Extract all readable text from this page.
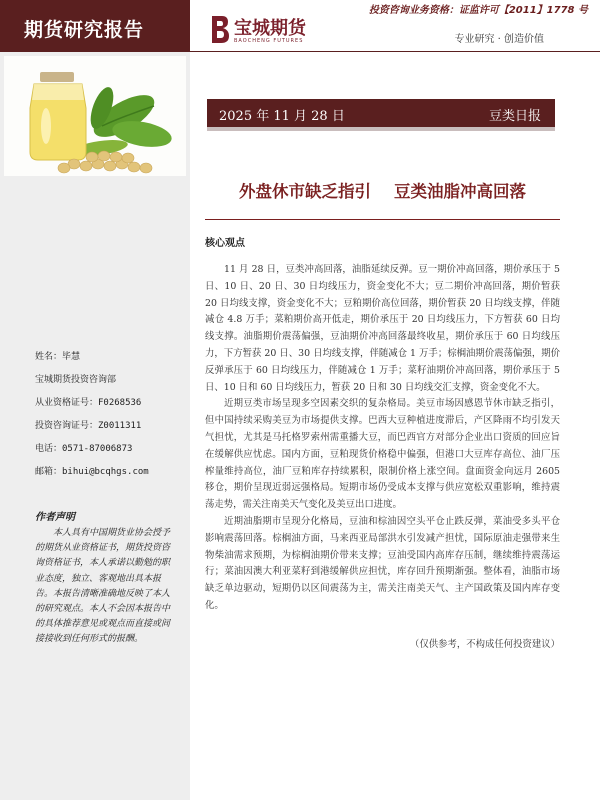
期货研究报告
投资咨询业务资格：证监许可【2011】1778 号
宝城期货
BAOCHENG FUTURES	专业研究 · 创造价值
姓名：毕慧
宝城期货投资咨询部
从业资格证号：F0268536
投资咨询证号：Z0011311
电话：0571-87006873
邮箱：bihui@bcqhgs.com
作者声明
本人具有中国期货业协会授予的期货从业资格证书，期货投资咨询资格证书，本人承诺以勤勉的职业态度，独立、客观地出具本报告。本报告清晰准确地反映了本人的研究观点。本人不会因本报告中的具体推荐意见或观点而直接或间接接收到任何形式的报酬。
2025 年 11 月 28 日	豆类日报
外盘休市缺乏指引    豆类油脂冲高回落
核心观点

11 月 28 日，豆类冲高回落，油脂延续反弹。豆一期价冲高回落，期价承压于 5 日、10 日、20 日、30 日均线压力，资金变化不大；豆二期价冲高回落，期价暂获 20 日均线支撑，资金变化不大；豆粕期价高位回落，期价暂获 20 日均线支撑，伴随减仓 4.8 万手；菜粕期价高开低走，期价承压于 20 日均线压力，下方暂获 60 日均线支撑。油脂期价震荡偏强，豆油期价冲高回落最终收星，期价承压于 60 日均线压力，下方暂获 20 日、30 日均线支撑，伴随减仓 1 万手；棕榈油期价震荡偏强，期价反弹承压于 60 日均线压力，伴随减仓 1 万手；菜籽油期价冲高回落，期价承压于 5 日、10 日和 60 日均线压力，暂获 20 日和 30 日均线交汇支撑，资金变化不大。

近期豆类市场呈现多空因素交织的复杂格局。美豆市场因感恩节休市缺乏指引，但中国持续采购美豆为市场提供支撑。巴西大豆种植进度滞后，产区降雨不均引发天气担忧，尤其是马托格罗索州需重播大豆，而巴西官方对部分企业出口资质的回应旨在缓解供应忧虑。国内方面，豆粕现货价格稳中偏强，但港口大豆库存高位、油厂压榨量维持高位，油厂豆粕库存持续累积，限制价格上涨空间。盘面资金向远月 2605 移仓，期价呈现近弱远强格局。短期市场仍受成本支撑与供应宽松双重影响，维持震荡走势，需关注南美天气变化及美豆出口进度。

近期油脂期市呈现分化格局，豆油和棕油因空头平仓止跌反弹，菜油受多头平仓影响震荡回落。棕榈油方面，马来西亚局部洪水引发减产担忧，国际原油走强带来生物柴油需求预期，为棕榈油期价带来支撑；豆油受国内高库存压制，继续维持震荡运行；菜油因澳大利亚菜籽到港缓解供应担忧，库存回升预期渐强。整体看，油脂市场缺乏单边驱动，短期仍以区间震荡为主，需关注南美天气、主产国政策及国内库存变化。

（仅供参考，不构成任何投资建议）
